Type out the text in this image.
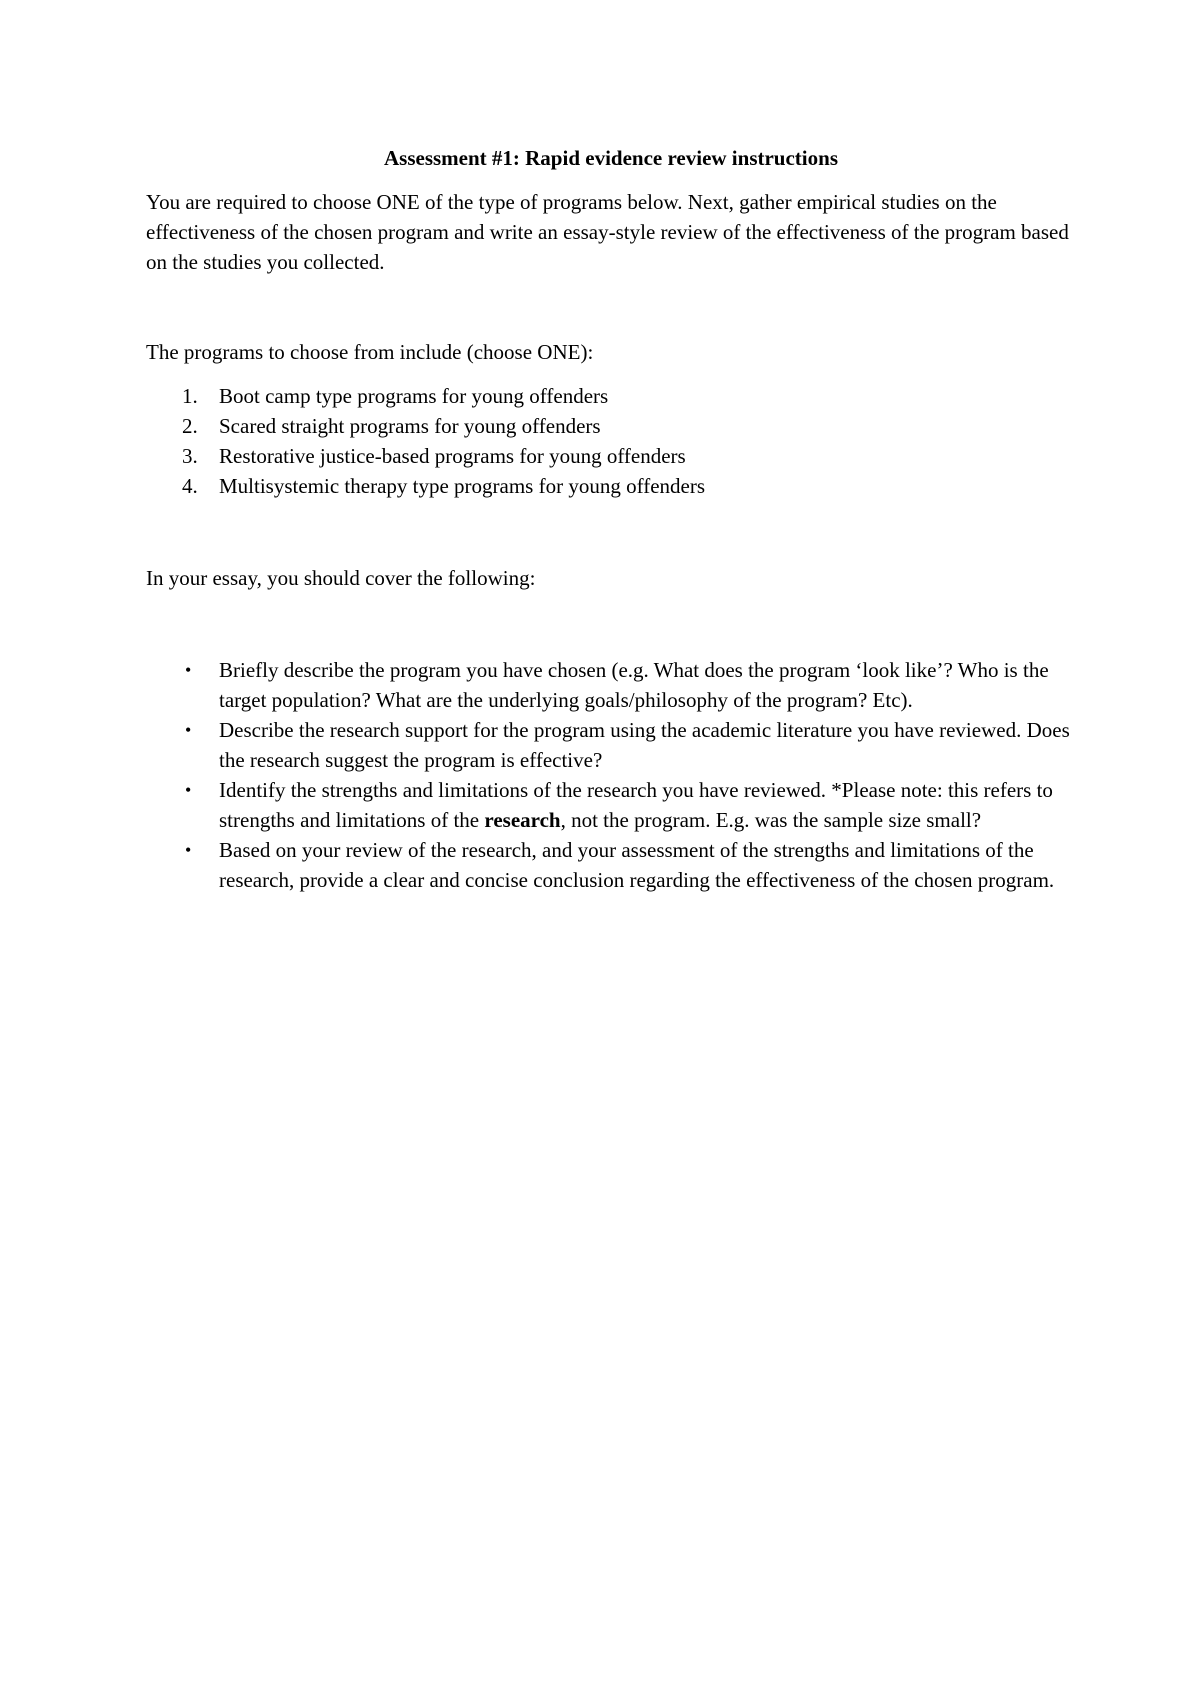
Assessment #1: Rapid evidence review instructions

You are required to choose ONE of the type of programs below. Next, gather empirical studies on the effectiveness of the chosen program and write an essay-style review of the effectiveness of the program based on the studies you collected.

The programs to choose from include (choose ONE):

1.	Boot camp type programs for young offenders
2.	Scared straight programs for young offenders
3.	Restorative justice-based programs for young offenders
4.	Multisystemic therapy type programs for young offenders

In your essay, you should cover the following:

• Briefly describe the program you have chosen (e.g. What does the program ‘look like’? Who is the target population? What are the underlying goals/philosophy of the program? Etc).
• Describe the research support for the program using the academic literature you have reviewed. Does the research suggest the program is effective?
• Identify the strengths and limitations of the research you have reviewed. *Please note: this refers to strengths and limitations of the research, not the program. E.g. was the sample size small?
• Based on your review of the research, and your assessment of the strengths and limitations of the research, provide a clear and concise conclusion regarding the effectiveness of the chosen program.
